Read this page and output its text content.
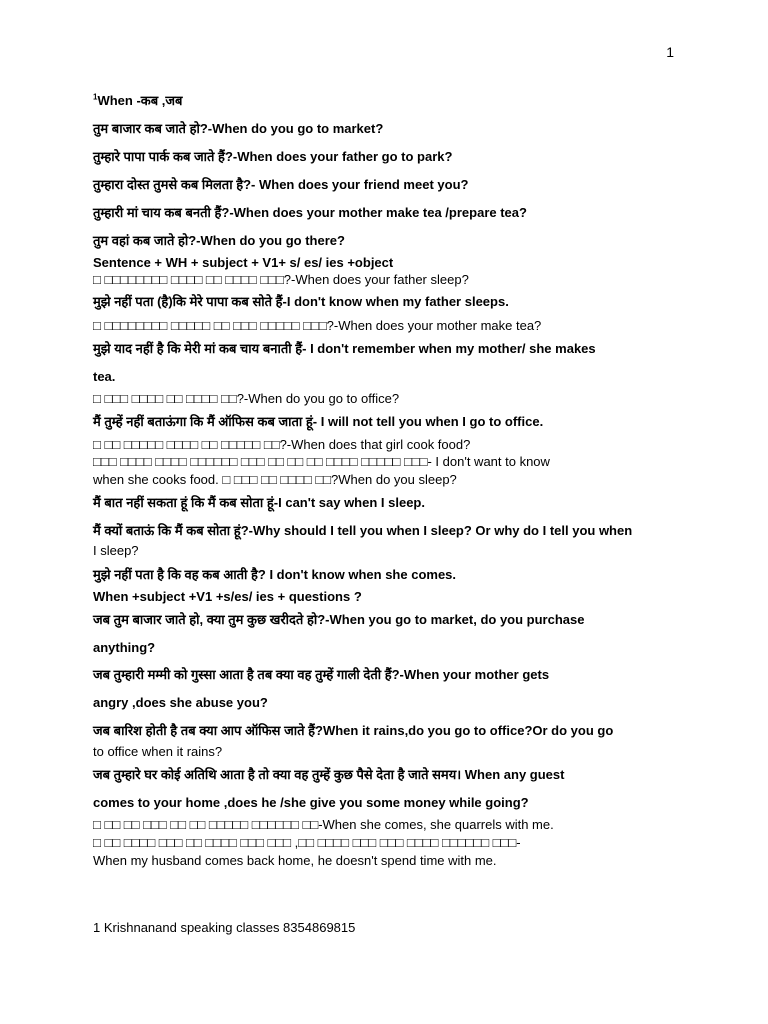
1
$^1$When -कब ,जब
तुम बाजार कब जाते हो?-When do you go to market?
तुम्हारे पापा पार्क कब जाते हैं?-When does your father go to park?
तुम्हारा दोस्त तुमसे कब मिलता है?- When does your friend meet you?
तुम्हारी मां चाय कब बनती हैं?-When does your mother make tea /prepare tea?
तुम वहां कब जाते हो?-When do you go there?
Sentence + WH + subject + V1+ s/ es/ ies +object
□ □□□□□□□□ □□□□ □□ □□□□ □□□?-When does your father sleep?
मुझे नहीं पता (है)कि मेरे पापा कब सोते हैं-I don't know when my father sleeps.
□ □□□□□□□□ □□□□□ □□ □□□ □□□□□ □□□?-When does your mother make tea?
मुझे याद नहीं है कि मेरी मां कब चाय बनाती हैं- I don't remember when my mother/ she makes
tea.
□ □□□ □□□□ □□ □□□□ □□?-When do you go to office?
मैं तुम्हें नहीं बताऊंगा कि मैं ऑफिस कब जाता हूं- I will not tell you when I go to office.
□ □□ □□□□□ □□□□ □□ □□□□□ □□?-When does that girl cook food?
□□□ □□□□ □□□□ □□□□□□ □□□ □□ □□ □□ □□□□ □□□□□ □□□- I don't want to know
when she cooks food. □ □□□ □□ □□□□ □□?When do you sleep?
मैं बात नहीं सकता हूं कि मैं कब सोता हूं-I can't say when I sleep.
मैं क्यों बताऊं कि मैं कब सोता हूं?-Why should I tell you when I sleep? Or why do I tell you when
I sleep?
मुझे नहीं पता है कि वह कब आती है? I don't know when she comes.
When +subject +V1 +s/es/ ies + questions ?
जब तुम बाजार जाते हो, क्या तुम कुछ खरीदते हो?-When you go to market, do you purchase
anything?
जब तुम्हारी मम्मी को गुस्सा आता है तब क्या वह तुम्हें गाली देती हैं?-When your mother gets
angry ,does she abuse you?
जब बारिश होती है तब क्या आप ऑफिस जाते हैं?When it rains,do you go to office?Or do you go
to office when it rains?
जब तुम्हारे घर कोई अतिथि आता है तो क्या वह तुम्हें कुछ पैसे देता है जाते समय। When any guest
comes to your home ,does he /she give you some money while going?
□ □□ □□ □□□ □□ □□ □□□□□ □□□□□□ □□-When she comes, she quarrels with me.
□ □□ □□□□ □□□ □□ □□□□ □□□ □□□ ,□□ □□□□ □□□ □□□ □□□□ □□□□□□ □□□-
When my husband comes back home, he doesn't spend time with me.
1 Krishnanand speaking classes 8354869815
